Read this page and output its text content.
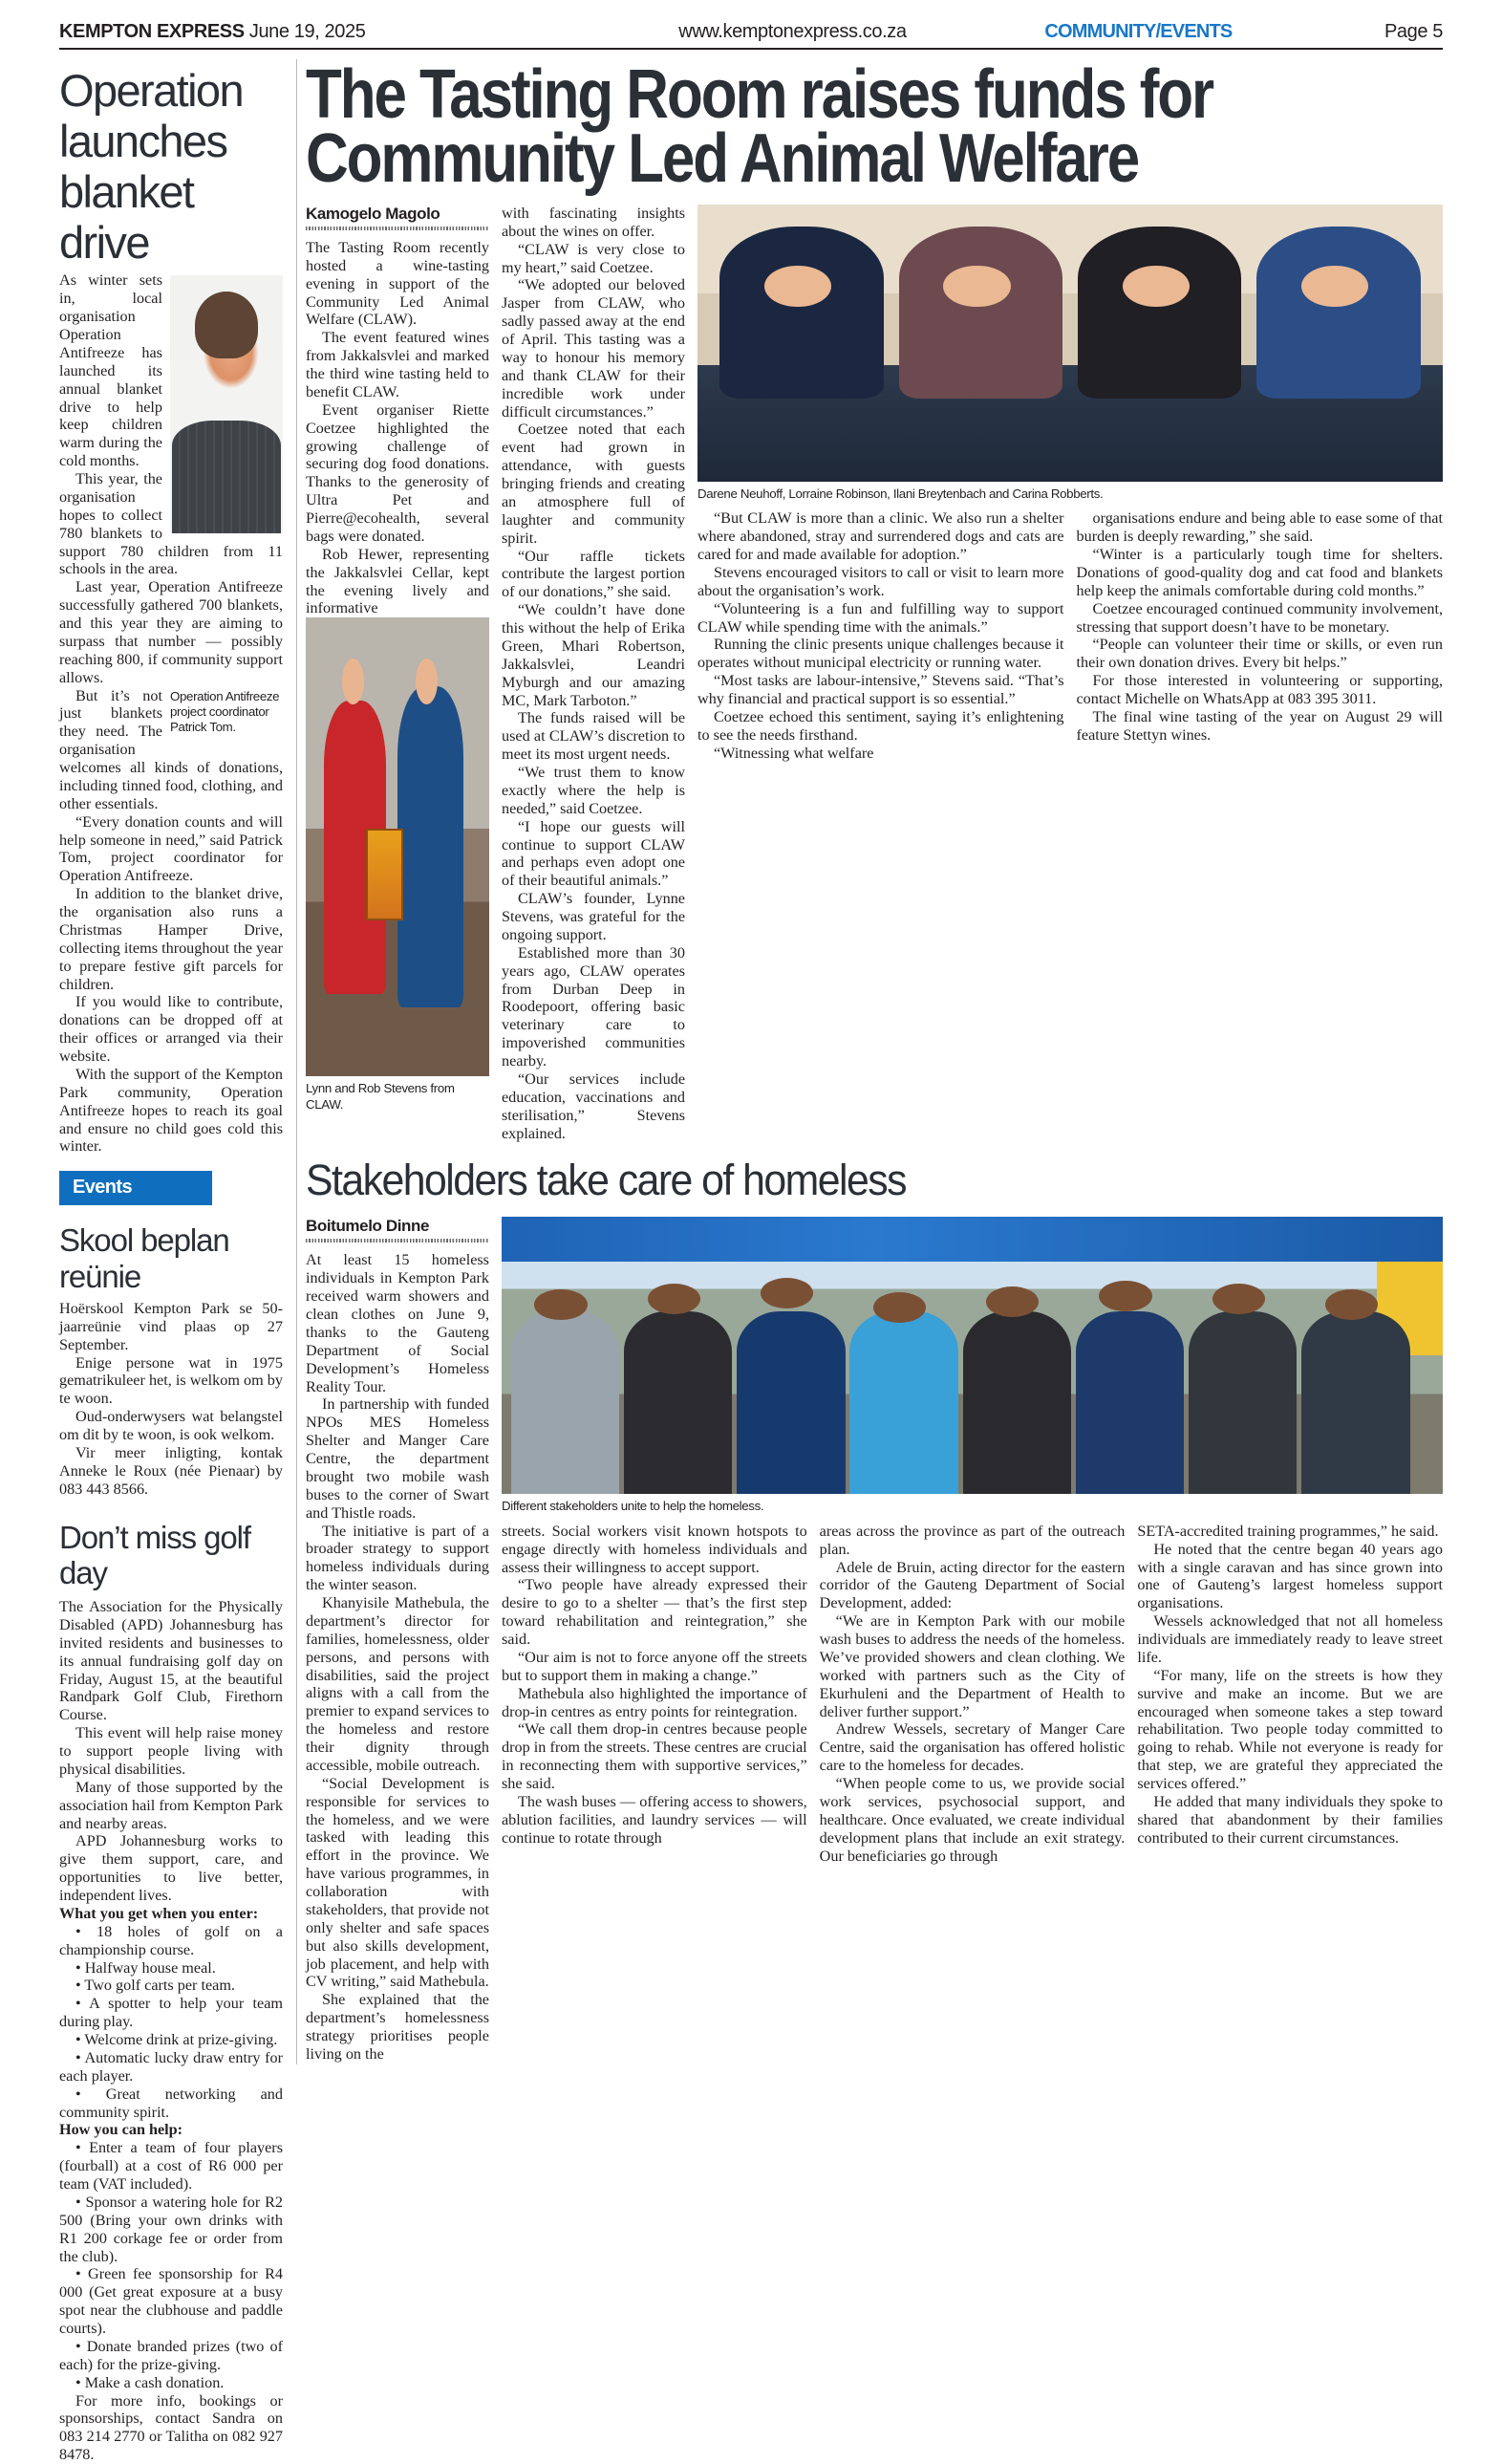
KEMPTON EXPRESS June 19, 2025	www.kemptonexpress.co.za	COMMUNITY/EVENTS	Page 5
Operation launches blanket drive

As winter sets in, local organisation Operation Antifreeze has launched its annual blanket drive to help keep children warm during the cold months.

This year, the organisation hopes to collect 780 blankets to support 780 children from 11 schools in the area.

Last year, Operation Antifreeze successfully gathered 700 blankets, and this year they are aiming to surpass that number — possibly reaching 800, if community support allows.

Operation Antifreeze project coordinator Patrick Tom.

But it’s not just blankets they need. The organisation welcomes all kinds of donations, including tinned food, clothing, and other essentials.

“Every donation counts and will help someone in need,” said Patrick Tom, project coordinator for Operation Antifreeze.

In addition to the blanket drive, the organisation also runs a Christmas Hamper Drive, collecting items throughout the year to prepare festive gift parcels for children.

If you would like to contribute, donations can be dropped off at their offices or arranged via their website.

With the support of the Kempton Park community, Operation Antifreeze hopes to reach its goal and ensure no child goes cold this winter.

Events
Skool beplan reünie

Hoërskool Kempton Park se 50-jaarreünie vind plaas op 27 September.

Enige persone wat in 1975 gematrikuleer het, is welkom om by te woon.

Oud-onderwysers wat belangstel om dit by te woon, is ook welkom.

Vir meer inligting, kontak Anneke le Roux (née Pienaar) by 083 443 8566.

Don’t miss golf day

The Association for the Physically Disabled (APD) Johannesburg has invited residents and businesses to its annual fundraising golf day on Friday, August 15, at the beautiful Randpark Golf Club, Firethorn Course.

This event will help raise money to support people living with physical disabilities.

Many of those supported by the association hail from Kempton Park and nearby areas.

APD Johannesburg works to give them support, care, and opportunities to live better, independent lives.

What you get when you enter:

• 18 holes of golf on a championship course.

• Halfway house meal.

• Two golf carts per team.

• A spotter to help your team during play.

• Welcome drink at prize-giving.

• Automatic lucky draw entry for each player.

• Great networking and community spirit.

How you can help:

• Enter a team of four players (fourball) at a cost of R6 000 per team (VAT included).

• Sponsor a watering hole for R2 500 (Bring your own drinks with R1 200 corkage fee or order from the club).

• Green fee sponsorship for R4 000 (Get great exposure at a busy spot near the clubhouse and paddle courts).

• Donate branded prizes (two of each) for the prize-giving.

• Make a cash donation.

For more info, bookings or sponsorships, contact Sandra on 083 214 2770 or Talitha on 082 927 8478.

The Tasting Room raises funds for
Community Led Animal Welfare
Kamogelo Magolo

The Tasting Room recently hosted a wine-tasting evening in support of the Community Led Animal Welfare (CLAW).

The event featured wines from Jakkalsvlei and marked the third wine tasting held to benefit CLAW.

Event organiser Riette Coetzee highlighted the growing challenge of securing dog food donations. Thanks to the generosity of Ultra Pet and Pierre@ecohealth, several bags were donated.

Rob Hewer, representing the Jakkalsvlei Cellar, kept the evening lively and informative

Lynn and Rob Stevens from CLAW.

with fascinating insights about the wines on offer.

“CLAW is very close to my heart,” said Coetzee.

“We adopted our beloved Jasper from CLAW, who sadly passed away at the end of April. This tasting was a way to honour his memory and thank CLAW for their incredible work under difficult circumstances.”

Coetzee noted that each event had grown in attendance, with guests bringing friends and creating an atmosphere full of laughter and community spirit.

“Our raffle tickets contribute the largest portion of our donations,” she said.

“We couldn’t have done this without the help of Erika Green, Mhari Robertson, Jakkalsvlei, Leandri Myburgh and our amazing MC, Mark Tarboton.”

The funds raised will be used at CLAW’s discretion to meet its most urgent needs.

“We trust them to know exactly where the help is needed,” said Coetzee.

“I hope our guests will continue to support CLAW and perhaps even adopt one of their beautiful animals.”

CLAW’s founder, Lynne Stevens, was grateful for the ongoing support.

Established more than 30 years ago, CLAW operates from Durban Deep in Roodepoort, offering basic veterinary care to impoverished communities nearby.

“Our services include education, vaccinations and sterilisation,” Stevens explained.

Darene Neuhoff, Lorraine Robinson, Ilani Breytenbach and Carina Robberts.

“But CLAW is more than a clinic. We also run a shelter where abandoned, stray and surrendered dogs and cats are cared for and made available for adoption.”

Stevens encouraged visitors to call or visit to learn more about the organisation’s work.

“Volunteering is a fun and fulfilling way to support CLAW while spending time with the animals.”

Running the clinic presents unique challenges because it operates without municipal electricity or running water.

“Most tasks are labour-intensive,” Stevens said. “That’s why financial and practical support is so essential.”

Coetzee echoed this sentiment, saying it’s enlightening to see the needs firsthand.

“Witnessing what welfare

organisations endure and being able to ease some of that burden is deeply rewarding,” she said.

“Winter is a particularly tough time for shelters. Donations of good-quality dog and cat food and blankets help keep the animals comfortable during cold months.”

Coetzee encouraged continued community involvement, stressing that support doesn’t have to be monetary.

“People can volunteer their time or skills, or even run their own donation drives. Every bit helps.”

For those interested in volunteering or supporting, contact Michelle on WhatsApp at 083 395 3011.

The final wine tasting of the year on August 29 will feature Stettyn wines.

Stakeholders take care of homeless
Boitumelo Dinne

At least 15 homeless individuals in Kempton Park received warm showers and clean clothes on June 9, thanks to the Gauteng Department of Social Development’s Homeless Reality Tour.

In partnership with funded NPOs MES Homeless Shelter and Manger Care Centre, the department brought two mobile wash buses to the corner of Swart and Thistle roads.

The initiative is part of a broader strategy to support homeless individuals during the winter season.

Khanyisile Mathebula, the department’s director for families, homelessness, older persons, and persons with disabilities, said the project aligns with a call from the premier to expand services to the homeless and restore their dignity through accessible, mobile outreach.

“Social Development is responsible for services to the homeless, and we were tasked with leading this effort in the province. We have various programmes, in collaboration with stakeholders, that provide not only shelter and safe spaces but also skills development, job placement, and help with CV writing,” said Mathebula.

She explained that the department’s homelessness strategy prioritises people living on the

Different stakeholders unite to help the homeless.

streets. Social workers visit known hotspots to engage directly with homeless individuals and assess their willingness to accept support.

“Two people have already expressed their desire to go to a shelter — that’s the first step toward rehabilitation and reintegration,” she said.

“Our aim is not to force anyone off the streets but to support them in making a change.”

Mathebula also highlighted the importance of drop-in centres as entry points for reintegration.

“We call them drop-in centres because people drop in from the streets. These centres are crucial in reconnecting them with supportive services,” she said.

The wash buses — offering access to showers, ablution facilities, and laundry services — will continue to rotate through

areas across the province as part of the outreach plan.

Adele de Bruin, acting director for the eastern corridor of the Gauteng Department of Social Development, added:

“We are in Kempton Park with our mobile wash buses to address the needs of the homeless. We’ve provided showers and clean clothing. We worked with partners such as the City of Ekurhuleni and the Department of Health to deliver further support.”

Andrew Wessels, secretary of Manger Care Centre, said the organisation has offered holistic care to the homeless for decades.

“When people come to us, we provide social work services, psychosocial support, and healthcare. Once evaluated, we create individual development plans that include an exit strategy. Our beneficiaries go through

SETA-accredited training programmes,” he said.

He noted that the centre began 40 years ago with a single caravan and has since grown into one of Gauteng’s largest homeless support organisations.

Wessels acknowledged that not all homeless individuals are immediately ready to leave street life.

“For many, life on the streets is how they survive and make an income. But we are encouraged when someone takes a step toward rehabilitation. Two people today committed to going to rehab. While not everyone is ready for that step, we are grateful they appreciated the services offered.”

He added that many individuals they spoke to shared that abandonment by their families contributed to their current circumstances.
